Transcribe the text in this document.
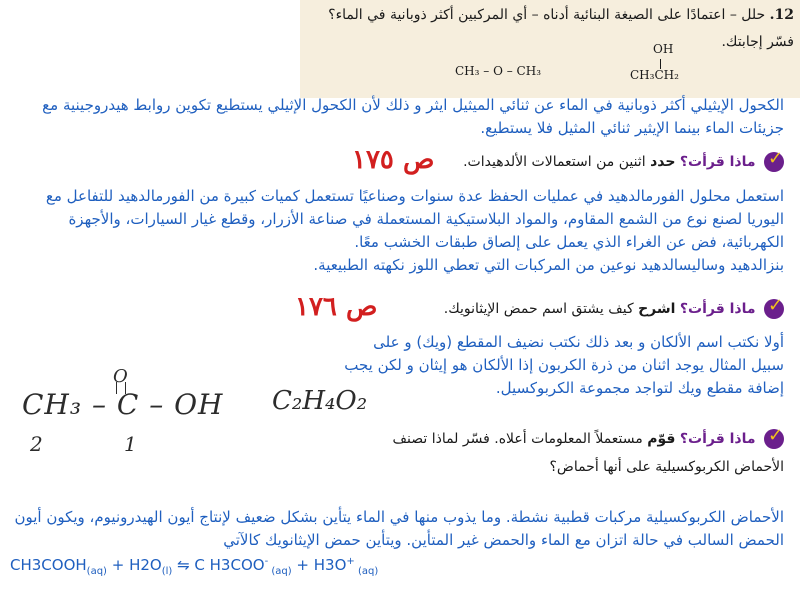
12. حلل – اعتمادًا على الصيغة البنائية أدناه – أي المركبين أكثر ذوبانية في الماء؟ فسّر إجابتك.
CH₃ – O – CH₃
OH
CH₃CH₂
الكحول الإيثيلي أكثر ذوبانية في الماء عن ثنائي الميثيل ايثر و ذلك لأن الكحول الإثيلي يستطيع تكوين روابط هيدروجينية مع جزيئات الماء بينما الإيثير ثنائي المثيل فلا يستطيع.
ص ١٧٥ ✓	ماذا قرأت؟ حدد اثنين من استعمالات الألدهيدات.
استعمل محلول الفورمالدهيد في عمليات الحفظ عدة سنوات وصناعيًا تستعمل كميات كبيرة من الفورمالدهيد للتفاعل مع اليوريا لصنع نوع من الشمع المقاوم، والمواد البلاستيكية المستعملة في صناعة الأزرار، وقطع غيار السيارات، والأجهزة الكهربائية، فض عن الغراء الذي يعمل على إلصاق طبقات الخشب معًا.
بنزالدهيد وساليسالدهيد نوعين من المركبات التي تعطي اللوز نكهته الطبيعية.
ص ١٧٦ ✓	ماذا قرأت؟ اشرح كيف يشتق اسم حمض الإيثانويك.
أولا نكتب اسم الألكان و بعد ذلك نكتب نضيف المقطع (ويك) و على سبيل المثال يوجد اثنان من ذرة الكربون إذا الألكان هو إيثان و لكن يجب إضافة مقطع ويك لتواجد مجموعة الكربوكسيل.
O
CH₃ – C – OH
2	1
C₂H₄O₂
✓ ماذا قرأت؟ قوّم مستعملاً المعلومات أعلاه. فسّر لماذا تصنف الأحماض الكربوكسيلية على أنها أحماض؟
الأحماض الكربوكسيلية مركبات قطبية نشطة. وما يذوب منها في الماء يتأين بشكل ضعيف لإنتاج أيون الهيدرونيوم، ويكون أيون الحمض السالب في حالة اتزان مع الماء والحمض غير المتأين. ويتأين حمض الإيثانويك كالآتي
$CH3COOH_{(aq)} + H2O_{(l)}$ ⇋ C H3COO- $_{(aq)}$ + H3O+ $_{(aq)}$
